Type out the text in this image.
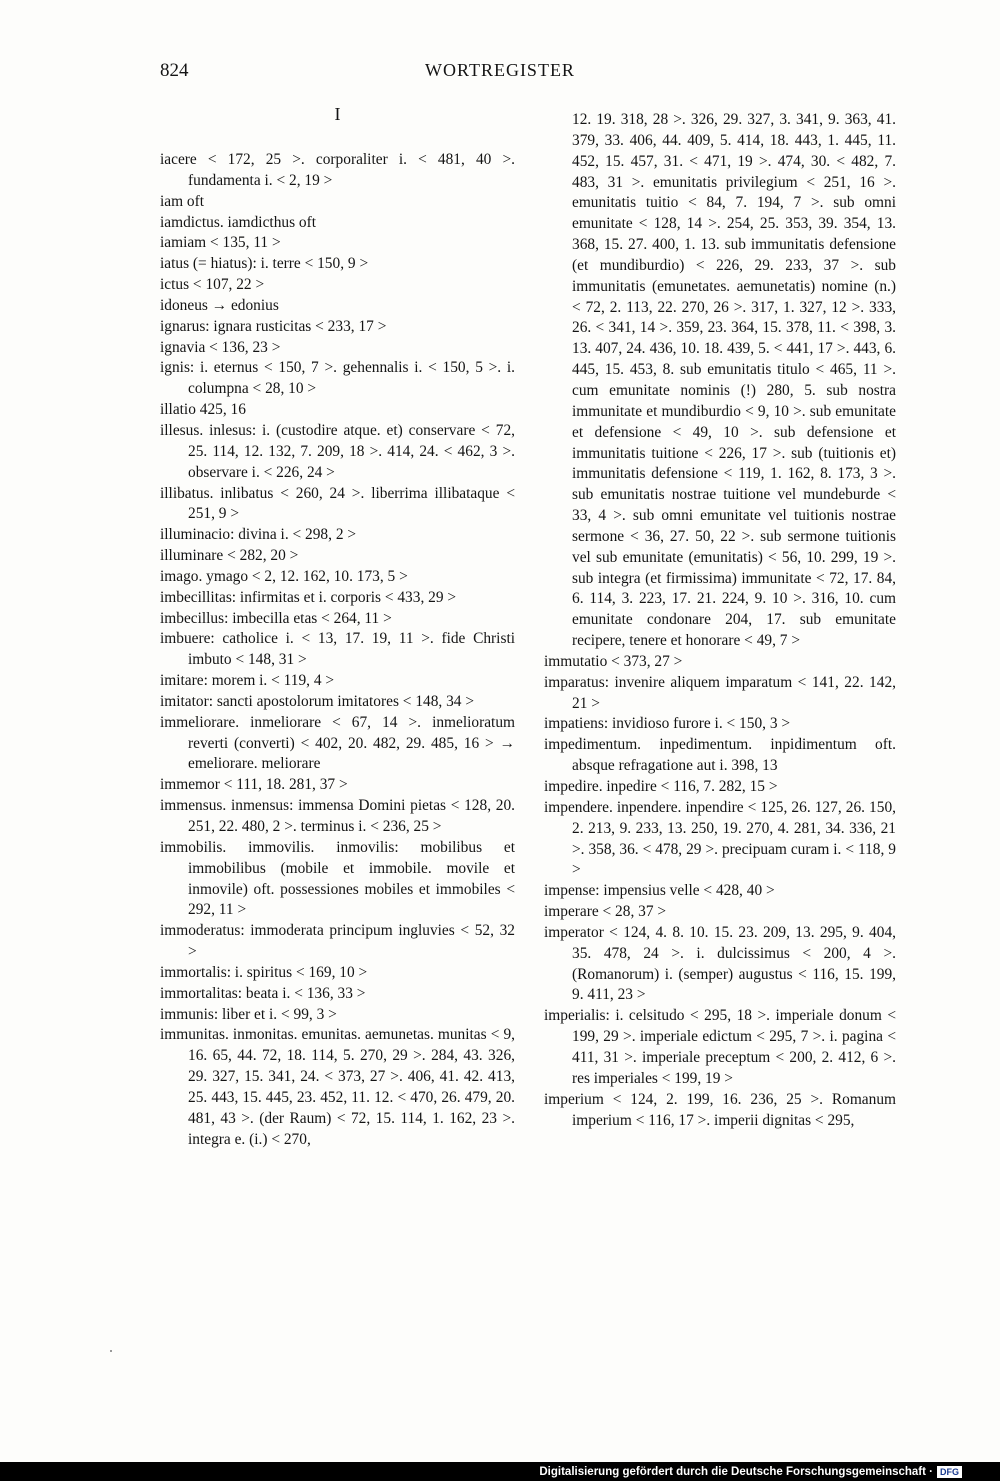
824	WORTREGISTER
I

iacere < 172, 25 >. corporaliter i. < 481, 40 >. fundamenta i. < 2, 19 >

iam oft

iamdictus. iamdicthus oft

iamiam < 135, 11 >

iatus (= hiatus): i. terre < 150, 9 >

ictus < 107, 22 >

idoneus → edonius

ignarus: ignara rusticitas < 233, 17 >

ignavia < 136, 23 >

ignis: i. eternus < 150, 7 >. gehennalis i. < 150, 5 >. i. columpna < 28, 10 >

illatio 425, 16

illesus. inlesus: i. (custodire atque. et) conservare < 72, 25. 114, 12. 132, 7. 209, 18 >. 414, 24. < 462, 3 >. observare i. < 226, 24 >

illibatus. inlibatus < 260, 24 >. liberrima illibataque < 251, 9 >

illuminacio: divina i. < 298, 2 >

illuminare < 282, 20 >

imago. ymago < 2, 12. 162, 10. 173, 5 >

imbecillitas: infirmitas et i. corporis < 433, 29 >

imbecillus: imbecilla etas < 264, 11 >

imbuere: catholice i. < 13, 17. 19, 11 >. fide Christi imbuto < 148, 31 >

imitare: morem i. < 119, 4 >

imitator: sancti apostolorum imitatores < 148, 34 >

immeliorare. inmeliorare < 67, 14 >. inmelioratum reverti (converti) < 402, 20. 482, 29. 485, 16 > → emeliorare. meliorare

immemor < 111, 18. 281, 37 >

immensus. inmensus: immensa Domini pietas < 128, 20. 251, 22. 480, 2 >. terminus i. < 236, 25 >

immobilis. immovilis. inmovilis: mobilibus et immobilibus (mobile et immobile. movile et inmovile) oft. possessiones mobiles et immobiles < 292, 11 >

immoderatus: immoderata principum ingluvies < 52, 32 >

immortalis: i. spiritus < 169, 10 >

immortalitas: beata i. < 136, 33 >

immunis: liber et i. < 99, 3 >

immunitas. inmonitas. emunitas. aemunetas. munitas < 9, 16. 65, 44. 72, 18. 114, 5. 270, 29 >. 284, 43. 326, 29. 327, 15. 341, 24. < 373, 27 >. 406, 41. 42. 413, 25. 443, 15. 445, 23. 452, 11. 12. < 470, 26. 479, 20. 481, 43 >. (der Raum) < 72, 15. 114, 1. 162, 23 >. integra e. (i.) < 270,

12. 19. 318, 28 >. 326, 29. 327, 3. 341, 9. 363, 41. 379, 33. 406, 44. 409, 5. 414, 18. 443, 1. 445, 11. 452, 15. 457, 31. < 471, 19 >. 474, 30. < 482, 7. 483, 31 >. emunitatis privilegium < 251, 16 >. emunitatis tuitio < 84, 7. 194, 7 >. sub omni emunitate < 128, 14 >. 254, 25. 353, 39. 354, 13. 368, 15. 27. 400, 1. 13. sub immunitatis defensione (et mundiburdio) < 226, 29. 233, 37 >. sub immunitatis (emunetates. aemunetatis) nomine (n.) < 72, 2. 113, 22. 270, 26 >. 317, 1. 327, 12 >. 333, 26. < 341, 14 >. 359, 23. 364, 15. 378, 11. < 398, 3. 13. 407, 24. 436, 10. 18. 439, 5. < 441, 17 >. 443, 6. 445, 15. 453, 8. sub emunitatis titulo < 465, 11 >. cum emunitate nominis (!) 280, 5. sub nostra immunitate et mundiburdio < 9, 10 >. sub emunitate et defensione < 49, 10 >. sub defensione et immunitatis tuitione < 226, 17 >. sub (tuitionis et) immunitatis defensione < 119, 1. 162, 8. 173, 3 >. sub emunitatis nostrae tuitione vel mundeburde < 33, 4 >. sub omni emunitate vel tuitionis nostrae sermone < 36, 27. 50, 22 >. sub sermone tuitionis vel sub emunitate (emunitatis) < 56, 10. 299, 19 >. sub integra (et firmissima) immunitate < 72, 17. 84, 6. 114, 3. 223, 17. 21. 224, 9. 10 >. 316, 10. cum emunitate condonare 204, 17. sub emunitate recipere, tenere et honorare < 49, 7 >

immutatio < 373, 27 >

imparatus: invenire aliquem imparatum < 141, 22. 142, 21 >

impatiens: invidioso furore i. < 150, 3 >

impedimentum. inpedimentum. inpidimentum oft. absque refragatione aut i. 398, 13

impedire. inpedire < 116, 7. 282, 15 >

impendere. inpendere. inpendire < 125, 26. 127, 26. 150, 2. 213, 9. 233, 13. 250, 19. 270, 4. 281, 34. 336, 21 >. 358, 36. < 478, 29 >. precipuam curam i. < 118, 9 >

impense: impensius velle < 428, 40 >

imperare < 28, 37 >

imperator < 124, 4. 8. 10. 15. 23. 209, 13. 295, 9. 404, 35. 478, 24 >. i. dulcissimus < 200, 4 >. (Romanorum) i. (semper) augustus < 116, 15. 199, 9. 411, 23 >

imperialis: i. celsitudo < 295, 18 >. imperiale donum < 199, 29 >. imperiale edictum < 295, 7 >. i. pagina < 411, 31 >. imperiale preceptum < 200, 2. 412, 6 >. res imperiales < 199, 19 >

imperium < 124, 2. 199, 16. 236, 25 >. Romanum imperium < 116, 17 >. imperii dignitas < 295,

Digitalisierung gefördert durch die Deutsche Forschungsgemeinschaft · DFG
